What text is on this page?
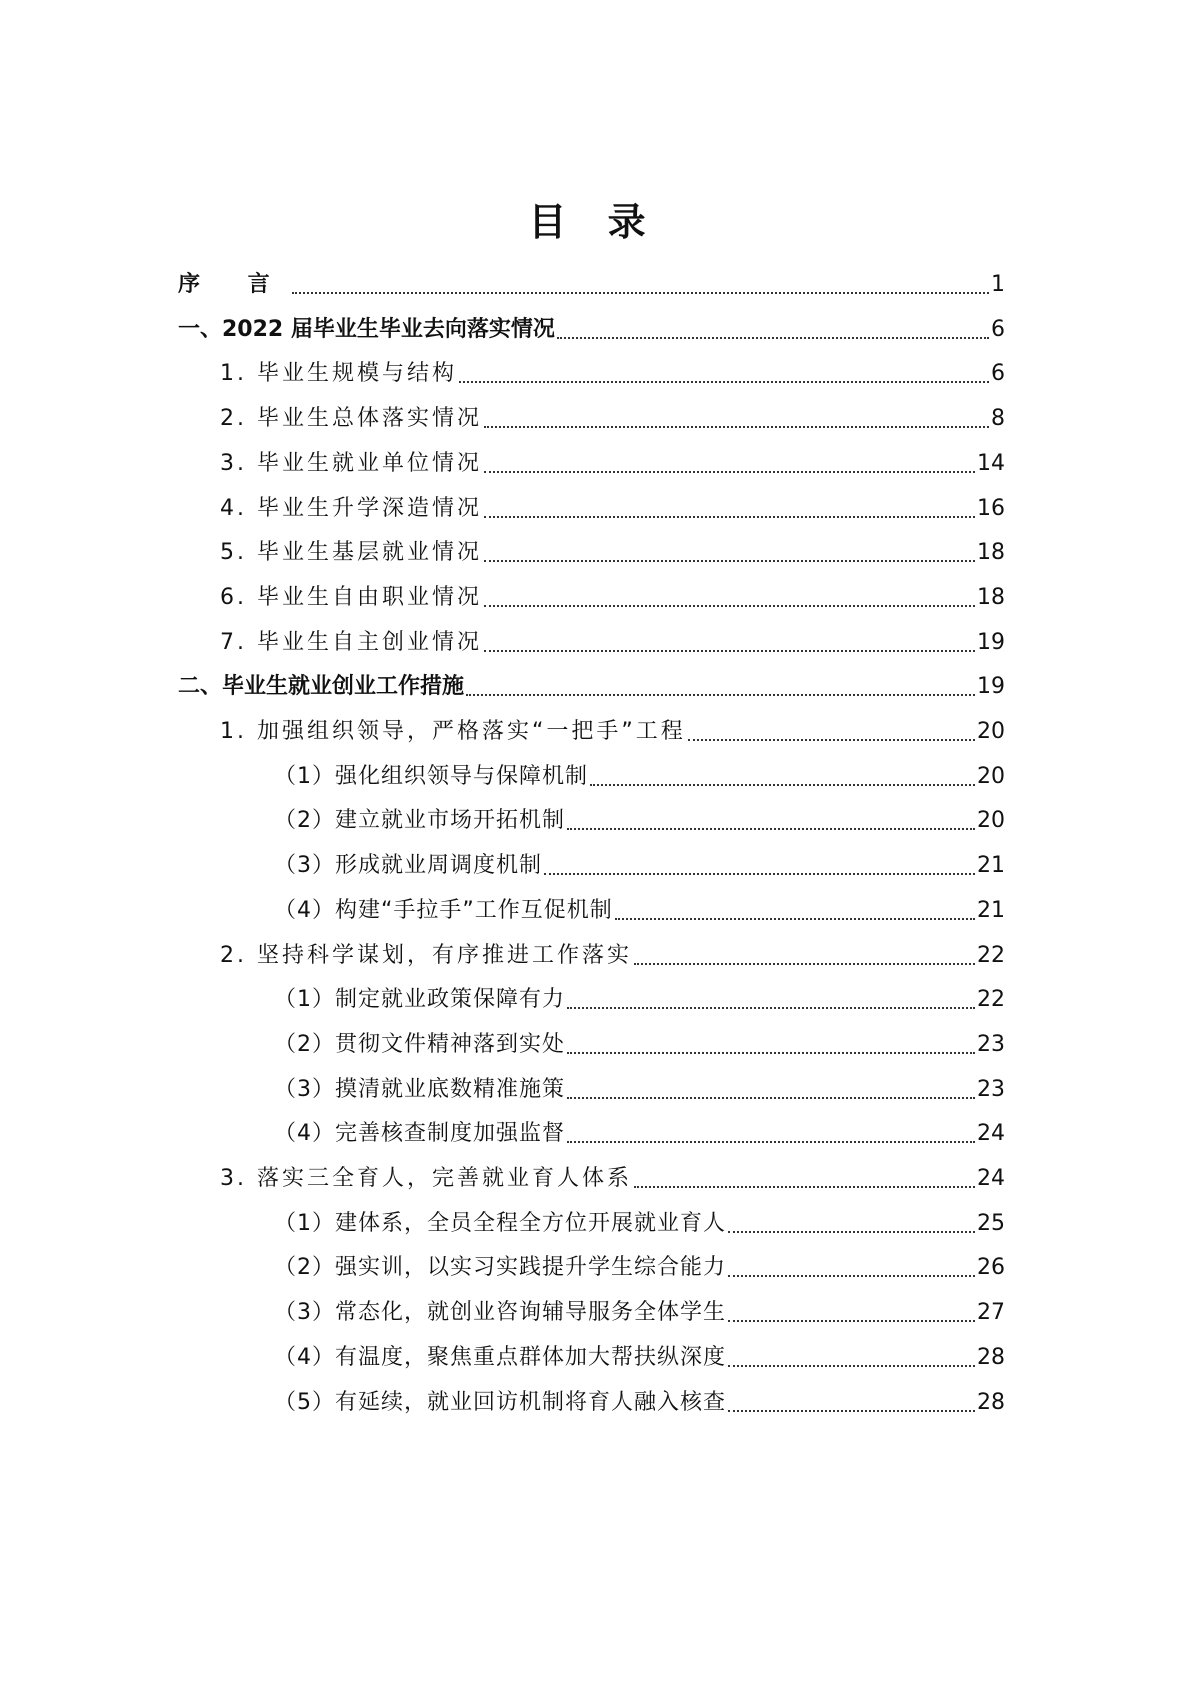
目 录
序 言	1
一、2022 届毕业生毕业去向落实情况	6
1. 毕业生规模与结构	6
2. 毕业生总体落实情况	8
3. 毕业生就业单位情况	14
4. 毕业生升学深造情况	16
5. 毕业生基层就业情况	18
6. 毕业生自由职业情况	18
7. 毕业生自主创业情况	19
二、毕业生就业创业工作措施	19
1. 加强组织领导，严格落实“一把手”工程	20
（1）强化组织领导与保障机制	20
（2）建立就业市场开拓机制	20
（3）形成就业周调度机制	21
（4）构建“手拉手”工作互促机制	21
2. 坚持科学谋划，有序推进工作落实	22
（1）制定就业政策保障有力	22
（2）贯彻文件精神落到实处	23
（3）摸清就业底数精准施策	23
（4）完善核查制度加强监督	24
3. 落实三全育人，完善就业育人体系	24
（1）建体系，全员全程全方位开展就业育人	25
（2）强实训，以实习实践提升学生综合能力	26
（3）常态化，就创业咨询辅导服务全体学生	27
（4）有温度，聚焦重点群体加大帮扶纵深度	28
（5）有延续，就业回访机制将育人融入核查	28
